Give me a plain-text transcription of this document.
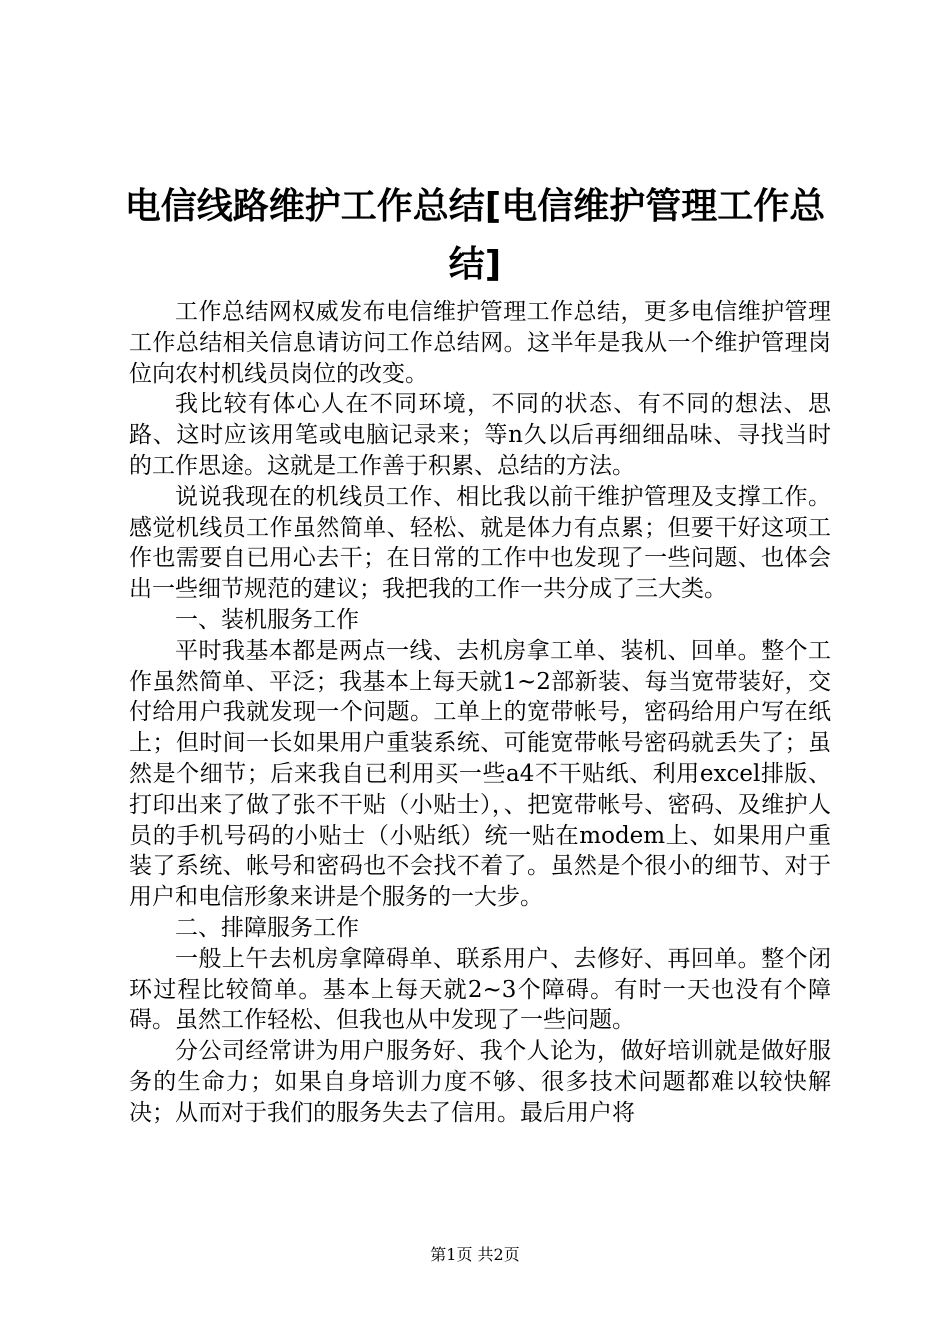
电信线路维护工作总结[电信维护管理工作总结]

工作总结网权威发布电信维护管理工作总结，更多电信维护管理工作总结相关信息请访问工作总结网。这半年是我从一个维护管理岗位向农村机线员岗位的改变。

我比较有体心人在不同环境，不同的状态、有不同的想法、思路、这时应该用笔或电脑记录来；等n久以后再细细品味、寻找当时的工作思途。这就是工作善于积累、总结的方法。

说说我现在的机线员工作、相比我以前干维护管理及支撑工作。感觉机线员工作虽然简单、轻松、就是体力有点累；但要干好这项工作也需要自已用心去干；在日常的工作中也发现了一些问题、也体会出一些细节规范的建议；我把我的工作一共分成了三大类。

一、装机服务工作

平时我基本都是两点一线、去机房拿工单、装机、回单。整个工作虽然简单、平泛；我基本上每天就1~2部新装、每当宽带装好，交付给用户我就发现一个问题。工单上的宽带帐号，密码给用户写在纸上；但时间一长如果用户重装系统、可能宽带帐号密码就丢失了；虽然是个细节；后来我自已利用买一些a4不干贴纸、利用excel排版、打印出来了做了张不干贴（小贴士），、把宽带帐号、密码、及维护人员的手机号码的小贴士（小贴纸）统一贴在modem上、如果用户重装了系统、帐号和密码也不会找不着了。虽然是个很小的细节、对于用户和电信形象来讲是个服务的一大步。

二、排障服务工作

一般上午去机房拿障碍单、联系用户、去修好、再回单。整个闭环过程比较简单。基本上每天就2~3个障碍。有时一天也没有个障碍。虽然工作轻松、但我也从中发现了一些问题。

分公司经常讲为用户服务好、我个人论为，做好培训就是做好服务的生命力；如果自身培训力度不够、很多技术问题都难以较快解决；从而对于我们的服务失去了信用。最后用户将

第1页 共2页
